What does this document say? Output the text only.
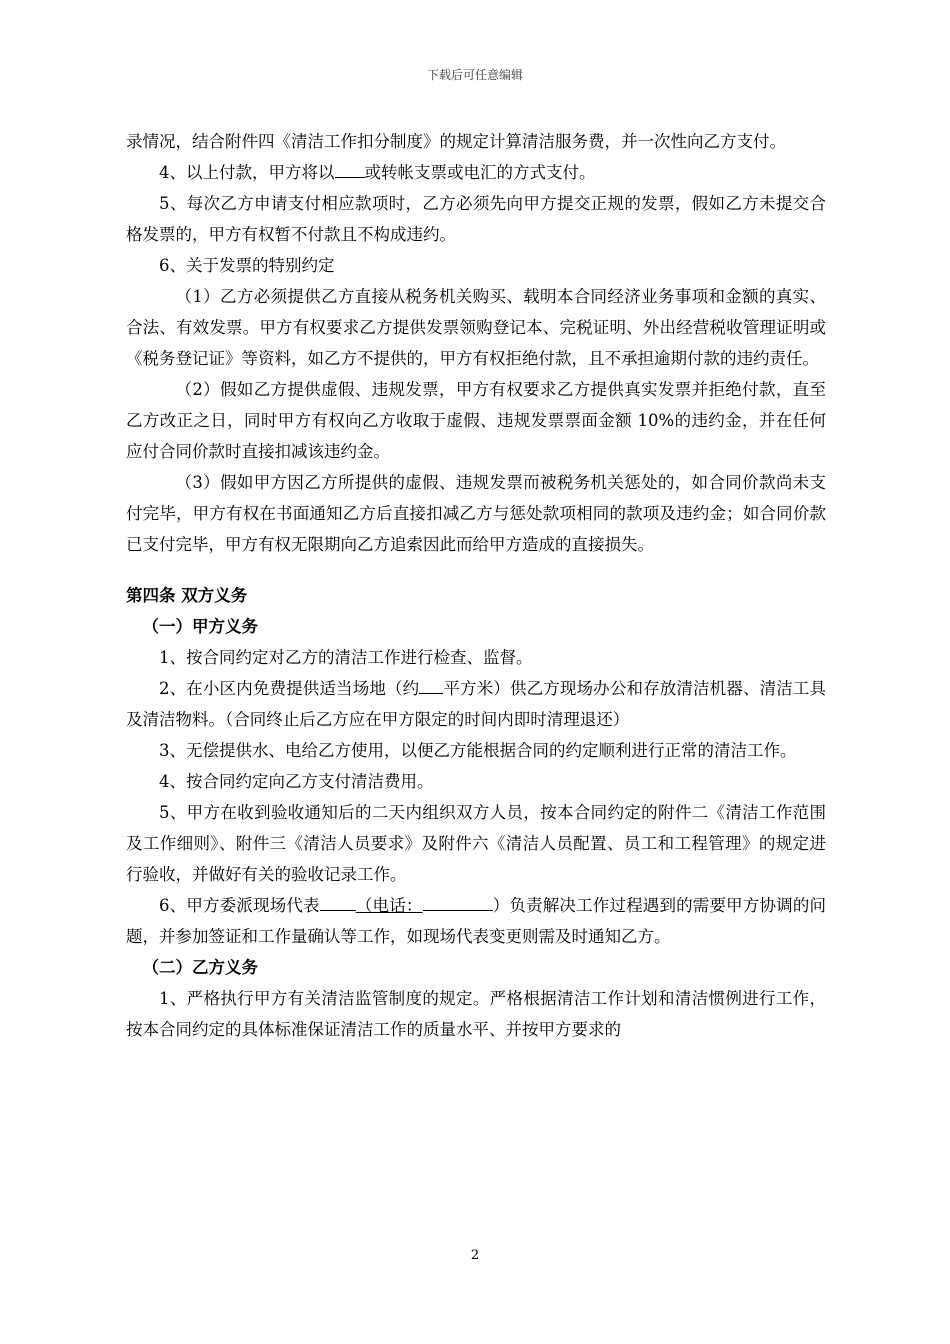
下载后可任意编辑

录情况，结合附件四《清洁工作扣分制度》的规定计算清洁服务费，并一次性向乙方支付。

4、以上付款，甲方将以 或转帐支票或电汇的方式支付。

5、每次乙方申请支付相应款项时，乙方必须先向甲方提交正规的发票，假如乙方未提交合格发票的，甲方有权暂不付款且不构成违约。

6、关于发票的特别约定

（1）乙方必须提供乙方直接从税务机关购买、载明本合同经济业务事项和金额的真实、合法、有效发票。甲方有权要求乙方提供发票领购登记本、完税证明、外出经营税收管理证明或《税务登记证》等资料，如乙方不提供的，甲方有权拒绝付款，且不承担逾期付款的违约责任。

（2）假如乙方提供虚假、违规发票，甲方有权要求乙方提供真实发票并拒绝付款，直至乙方改正之日，同时甲方有权向乙方收取于虚假、违规发票票面金额 10%的违约金，并在任何应付合同价款时直接扣减该违约金。

（3）假如甲方因乙方所提供的虚假、违规发票而被税务机关惩处的，如合同价款尚未支付完毕，甲方有权在书面通知乙方后直接扣减乙方与惩处款项相同的款项及违约金；如合同价款已支付完毕，甲方有权无限期向乙方追索因此而给甲方造成的直接损失。

第四条 双方义务

（一）甲方义务

1、按合同约定对乙方的清洁工作进行检查、监督。

2、在小区内免费提供适当场地（约 平方米）供乙方现场办公和存放清洁机器、清洁工具及清洁物料。（合同终止后乙方应在甲方限定的时间内即时清理退还）

3、无偿提供水、电给乙方使用，以便乙方能根据合同的约定顺利进行正常的清洁工作。

4、按合同约定向乙方支付清洁费用。

5、甲方在收到验收通知后的二天内组织双方人员，按本合同约定的附件二《清洁工作范围及工作细则》、附件三《清洁人员要求》及附件六《清洁人员配置、员工和工程管理》的规定进行验收，并做好有关的验收记录工作。

6、甲方委派现场代表 （电话：	）负责解决工作过程遇到的需要甲方协调的问题，并参加签证和工作量确认等工作，如现场代表变更则需及时通知乙方。

（二）乙方义务

1、严格执行甲方有关清洁监管制度的规定。严格根据清洁工作计划和清洁惯例进行工作，按本合同约定的具体标准保证清洁工作的质量水平、并按甲方要求的

2
